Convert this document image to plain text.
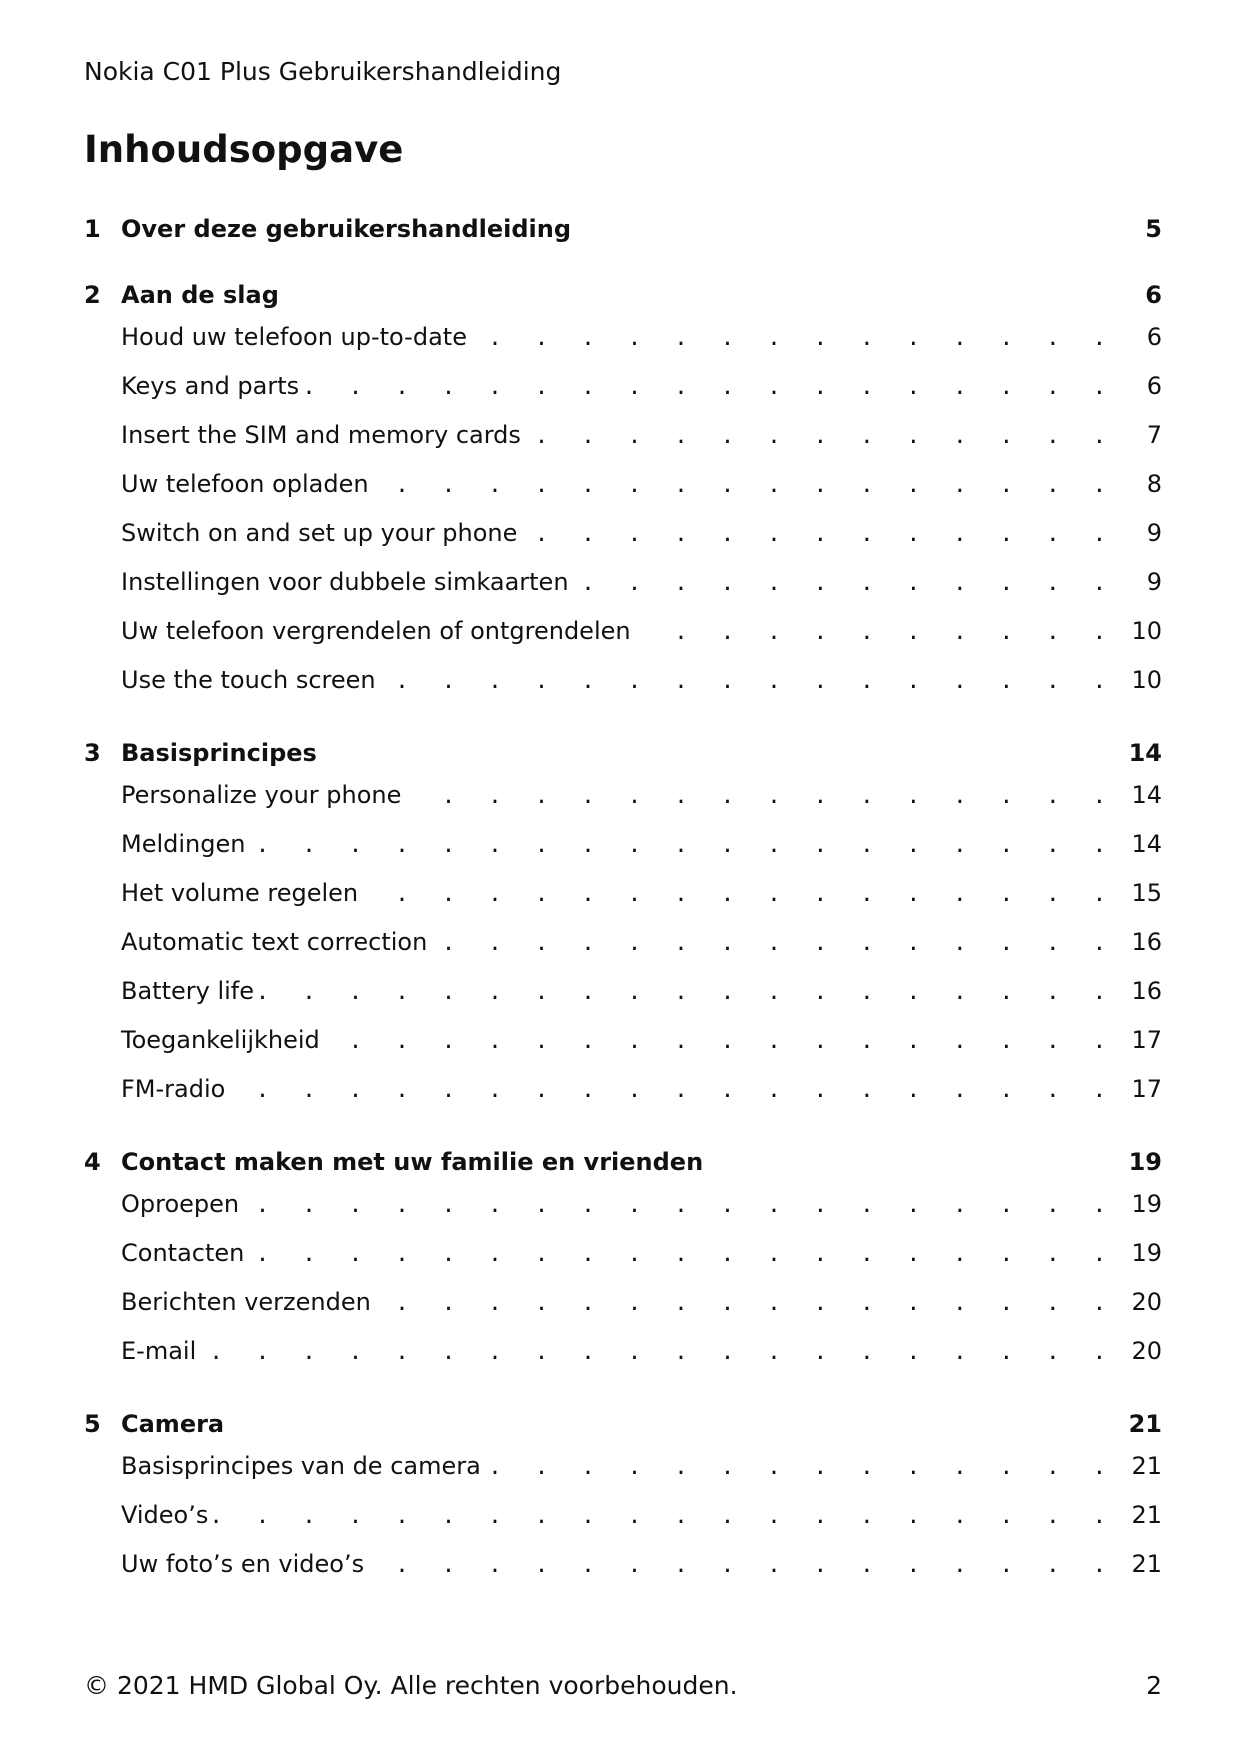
Nokia C01 Plus Gebruikershandleiding
Inhoudsopgave
1 Over deze gebruikershandleiding	5
2 Aan de slag	6
Houd uw telefoon up-to-date . . .	6
Keys and parts . . .	6
Insert the SIM and memory cards . . .	7
Uw telefoon opladen . . .	8
Switch on and set up your phone . . .	9
Instellingen voor dubbele simkaarten . . .	9
Uw telefoon vergrendelen of ontgrendelen . . .	10
Use the touch screen . . .	10
3 Basisprincipes	14
Personalize your phone . . .	14
Meldingen . . .	14
Het volume regelen . . .	15
Automatic text correction . . .	16
Battery life . . .	16
Toegankelijkheid . . .	17
FM-radio . . .	17
4 Contact maken met uw familie en vrienden	19
Oproepen . . .	19
Contacten . . .	19
Berichten verzenden . . .	20
E-mail . . .	20
5 Camera	21
Basisprincipes van de camera . . .	21
Video’s . . .	21
Uw foto’s en video’s . . .	21
© 2021 HMD Global Oy. Alle rechten voorbehouden.	2
